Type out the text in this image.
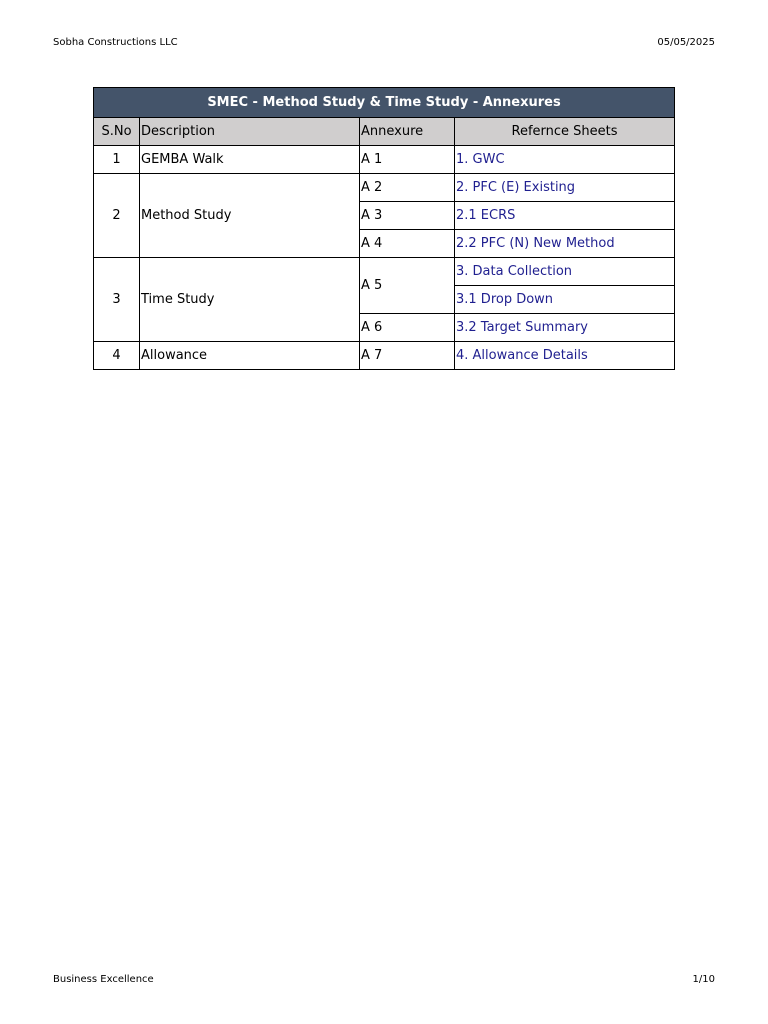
Sobha Constructions LLC	05/05/2025
SMEC - Method Study & Time Study - Annexures			
S.No	Description	Annexure	Refernce Sheets
1	GEMBA Walk	A 1	1. GWC
2	Method Study	A 2	2. PFC (E) Existing
		A 3	2.1 ECRS
		A 4	2.2 PFC (N) New Method
3	Time Study	A 5	3. Data Collection
			3.1 Drop Down
		A 6	3.2 Target Summary
4	Allowance	A 7	4. Allowance Details
Business Excellence	1/10
